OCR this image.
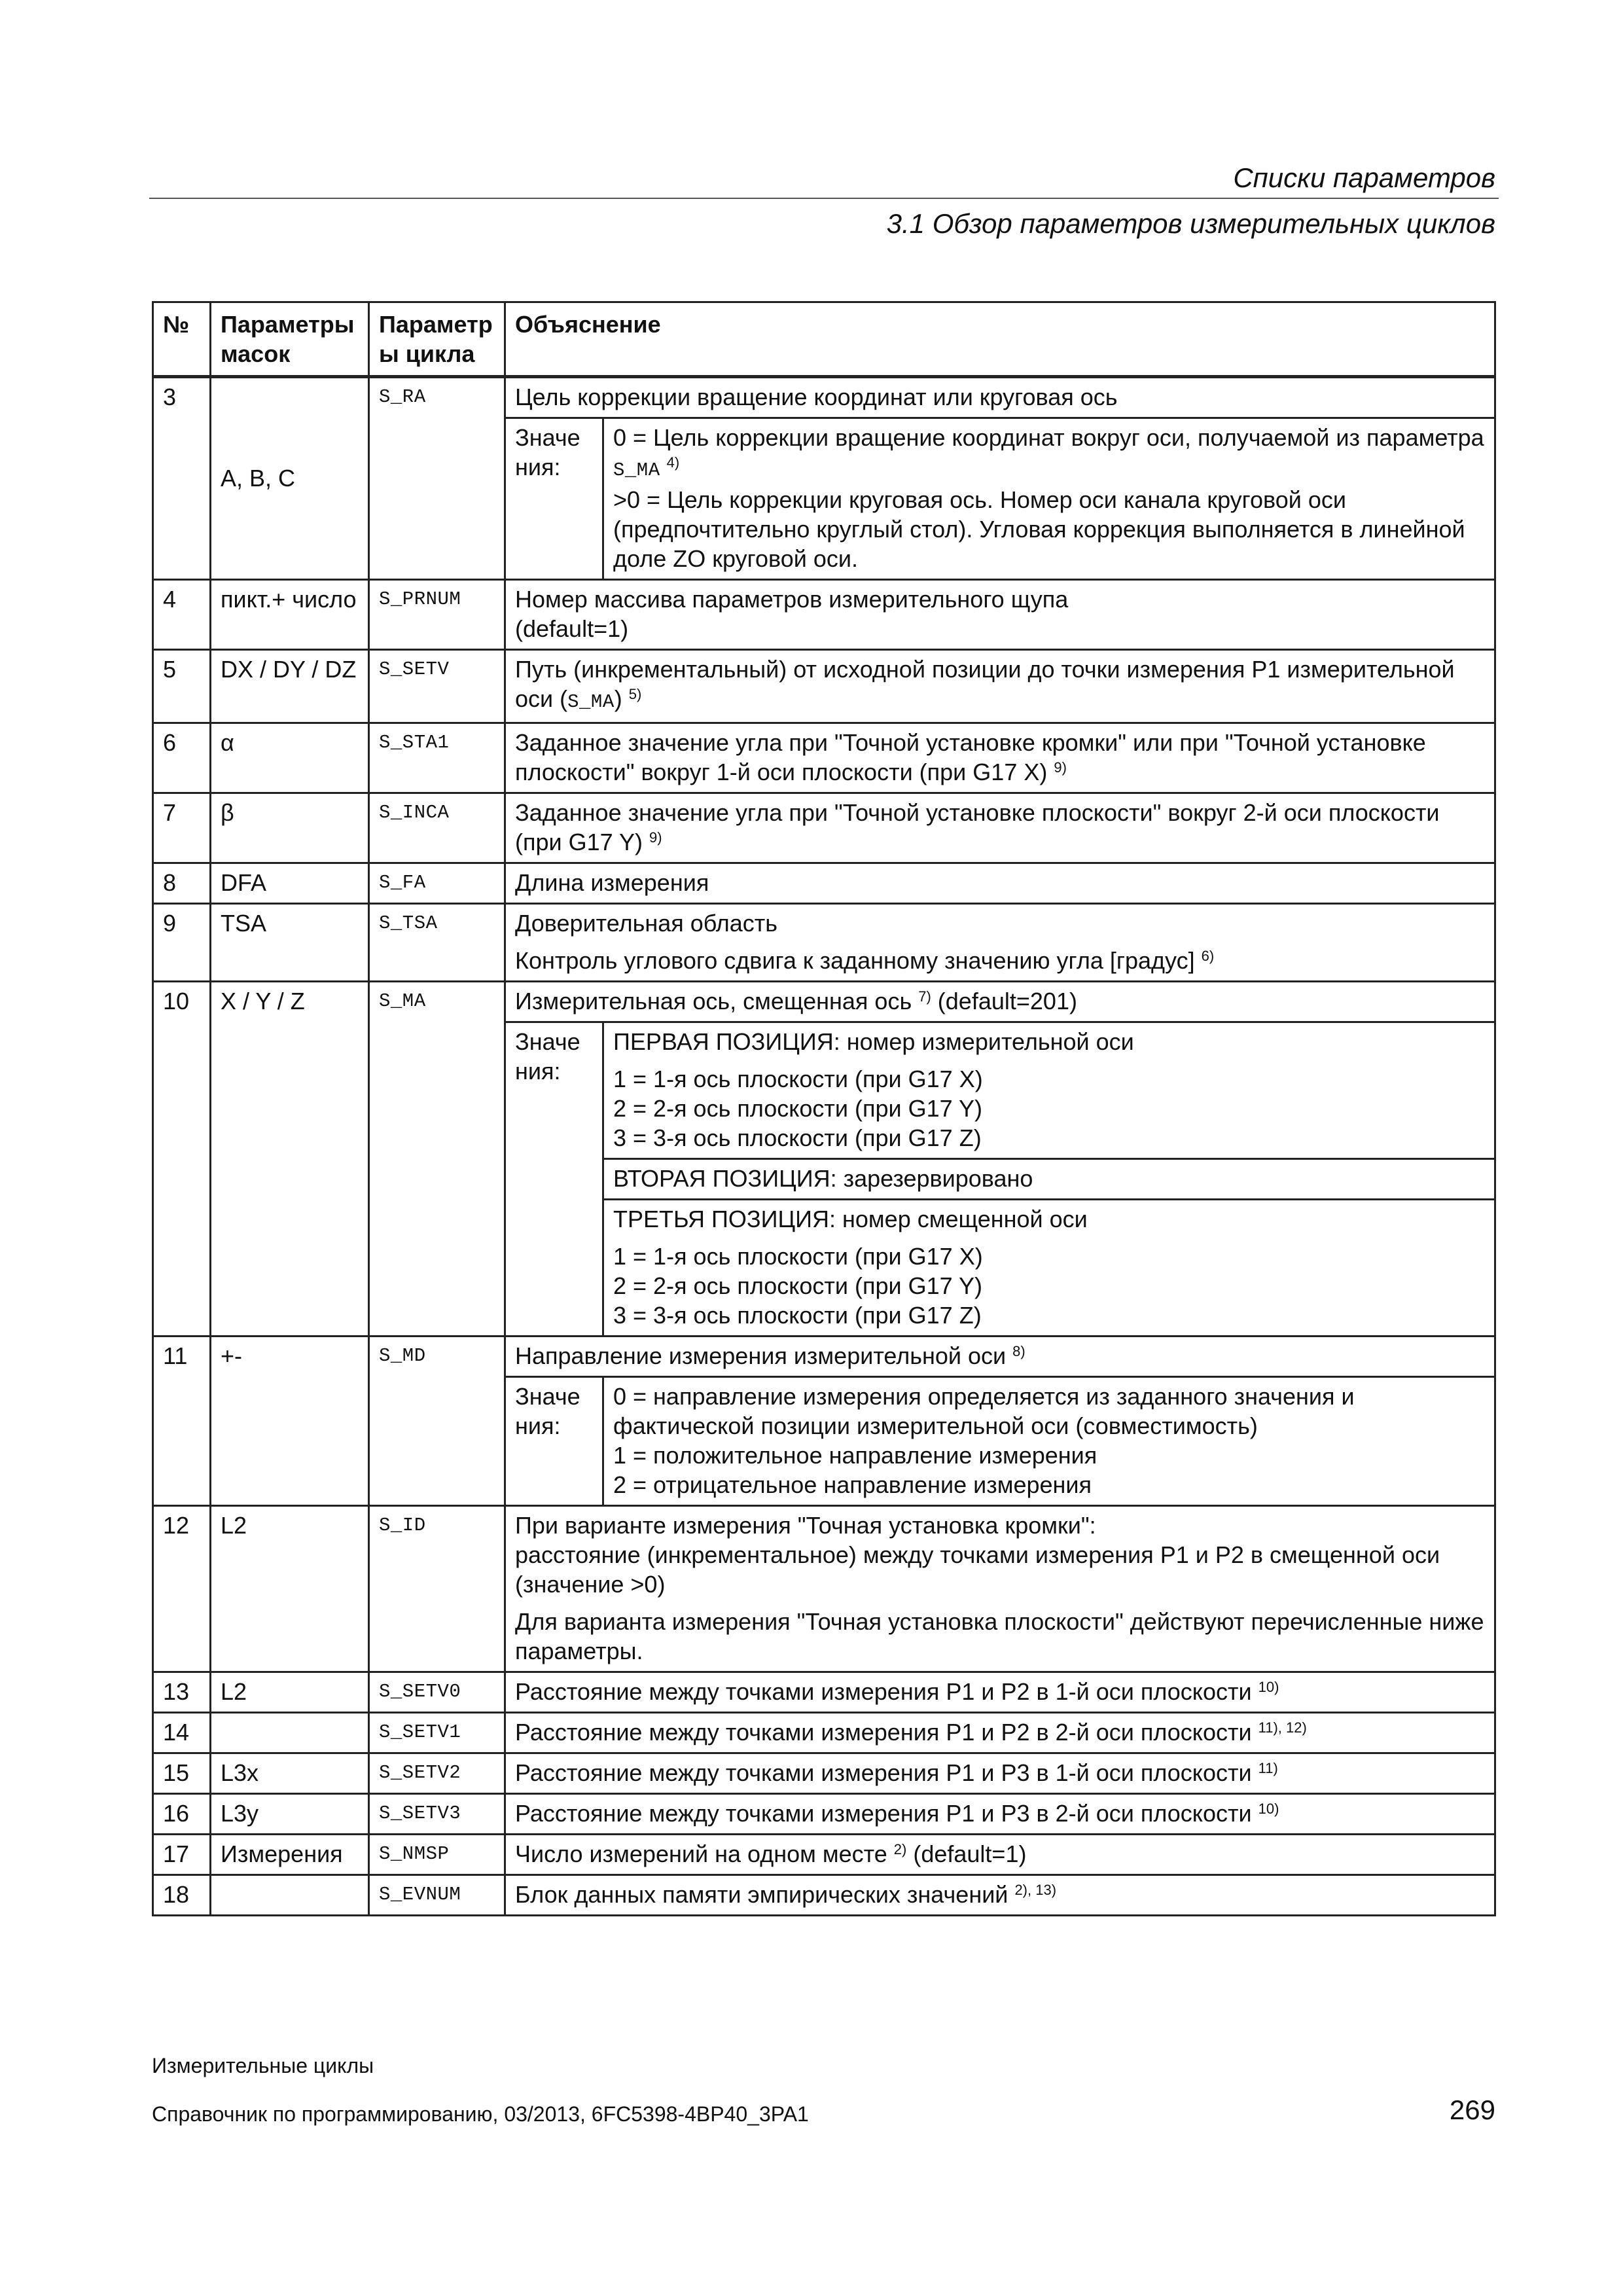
Списки параметров
3.1 Обзор параметров измерительных циклов
№	Параметры масок	Параметр ы цикла	Объяснение	
3	A, B, C	S_RA	Цель коррекции вращение координат или круговая ось	
			Значе ния:	0 = Цель коррекции вращение координат вокруг оси, получаемой из параметра S_MA $^{4)}$
>0 = Цель коррекции круговая ось. Номер оси канала круговой оси (предпочтительно круглый стол). Угловая коррекция выполняется в линейной доле ZO круговой оси.

4	пикт.+ число	S_PRNUM	Номер массива параметров измерительного щупа
(default=1)	

5	DX / DY / DZ	S_SETV	Путь (инкрементальный) от исходной позиции до точки измерения P1 измерительной оси (S_MA) $^{5)}$
6	α	S_STA1	Заданное значение угла при "Точной установке кромки" или при "Точной установке плоскости" вокруг 1-й оси плоскости (при G17 X) $^{9)}$
7	β	S_INCA	Заданное значение угла при "Точной установке плоскости" вокруг 2-й оси плоскости (при G17 Y) $^{9)}$
8	DFA	S_FA	Длина измерения	
9	TSA	S_TSA	Доверительная область
Контроль углового сдвига к заданному значению угла [градус] $^{6)}$
10	X / Y / Z	S_MA	Измерительная ось, смещенная ось $^{7)}$ (default=201)	
			Значе ния:	ПЕРВАЯ ПОЗИЦИЯ: номер измерительной оси
1 = 1-я ось плоскости (при G17 X)
2 = 2-я ось плоскости (при G17 Y)
3 = 3-я ось плоскости (при G17 Z)

				ВТОРАЯ ПОЗИЦИЯ: зарезервировано

				ТРЕТЬЯ ПОЗИЦИЯ: номер смещенной оси
1 = 1-я ось плоскости (при G17 X)
2 = 2-я ось плоскости (при G17 Y)
3 = 3-я ось плоскости (при G17 Z)

11	+-	S_MD	Направление измерения измерительной оси $^{8)}$
			Значе ния:	0 = направление измерения определяется из заданного значения и фактической позиции измерительной оси (совместимость)
1 = положительное направление измерения
2 = отрицательное направление измерения

12	L2	S_ID	При варианте измерения "Точная установка кромки":
расстояние (инкрементальное) между точками измерения P1 и P2 в смещенной оси (значение >0)
Для варианта измерения "Точная установка плоскости" действуют перечисленные ниже параметры.	

13	L2	S_SETV0	Расстояние между точками измерения P1 и P2 в 1-й оси плоскости $^{10)}$
14		S_SETV1	Расстояние между точками измерения P1 и P2 в 2-й оси плоскости $^{11), 12)}$
15	L3x	S_SETV2	Расстояние между точками измерения P1 и P3 в 1-й оси плоскости $^{11)}$
16	L3y	S_SETV3	Расстояние между точками измерения P1 и P3 в 2-й оси плоскости $^{10)}$
17	Измерения	S_NMSP	Число измерений на одном месте $^{2)}$ (default=1)	
18		S_EVNUM	Блок данных памяти эмпирических значений $^{2), 13)}$
Измерительные циклы
Справочник по программированию, 03/2013, 6FC5398-4BP40_3PA1	269
